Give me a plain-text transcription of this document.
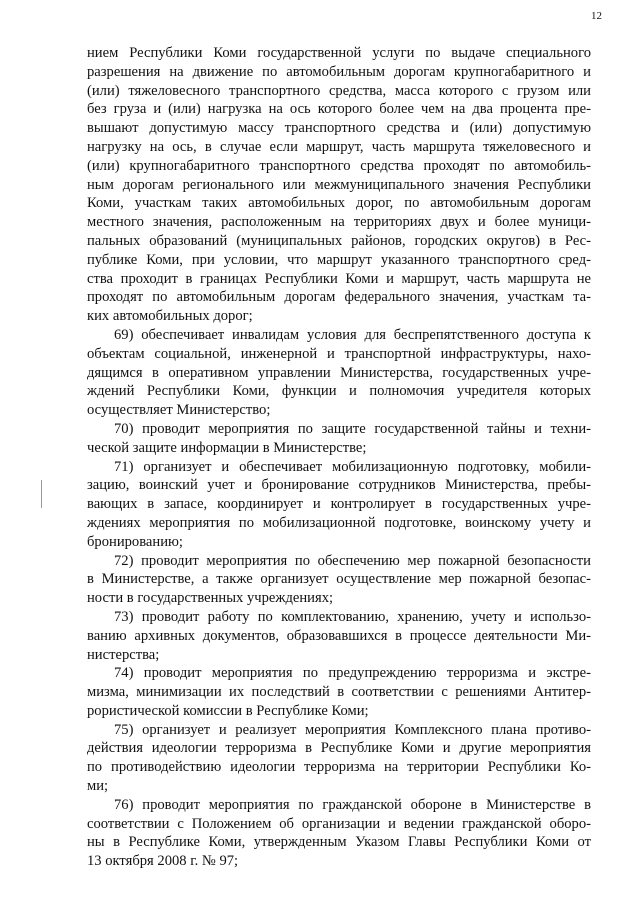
12
нием Республики Коми государственной услуги по выдаче специального
разрешения на движение по автомобильным дорогам крупногабаритного и
(или) тяжеловесного транспортного средства, масса которого с грузом или
без груза и (или) нагрузка на ось которого более чем на два процента пре-
вышают допустимую массу транспортного средства и (или) допустимую
нагрузку на ось, в случае если маршрут, часть маршрута тяжеловесного и
(или) крупногабаритного транспортного средства проходят по автомобиль-
ным дорогам регионального или межмуниципального значения Республики
Коми, участкам таких автомобильных дорог, по автомобильным дорогам
местного значения, расположенным на территориях двух и более муници-
пальных образований (муниципальных районов, городских округов) в Рес-
публике Коми, при условии, что маршрут указанного транспортного сред-
ства проходит в границах Республики Коми и маршрут, часть маршрута не
проходят по автомобильным дорогам федерального значения, участкам та-
ких автомобильных дорог;
69) обеспечивает инвалидам условия для беспрепятственного доступа к
объектам социальной, инженерной и транспортной инфраструктуры, нахо-
дящимся в оперативном управлении Министерства, государственных учре-
ждений Республики Коми, функции и полномочия учредителя которых
осуществляет Министерство;
70) проводит мероприятия по защите государственной тайны и техни-
ческой защите информации в Министерстве;
71) организует и обеспечивает мобилизационную подготовку, мобили-
зацию, воинский учет и бронирование сотрудников Министерства, пребы-
вающих в запасе, координирует и контролирует в государственных учре-
ждениях мероприятия по мобилизационной подготовке, воинскому учету и
бронированию;
72) проводит мероприятия по обеспечению мер пожарной безопасности
в Министерстве, а также организует осуществление мер пожарной безопас-
ности в государственных учреждениях;
73) проводит работу по комплектованию, хранению, учету и использо-
ванию архивных документов, образовавшихся в процессе деятельности Ми-
нистерства;
74) проводит мероприятия по предупреждению терроризма и экстре-
мизма, минимизации их последствий в соответствии с решениями Антитер-
рористической комиссии в Республике Коми;
75) организует и реализует мероприятия Комплексного плана противо-
действия идеологии терроризма в Республике Коми и другие мероприятия
по противодействию идеологии терроризма на территории Республики Ко-
ми;
76) проводит мероприятия по гражданской обороне в Министерстве в
соответствии с Положением об организации и ведении гражданской оборо-
ны в Республике Коми, утвержденным Указом Главы Республики Коми от
13 октября 2008 г. № 97;
